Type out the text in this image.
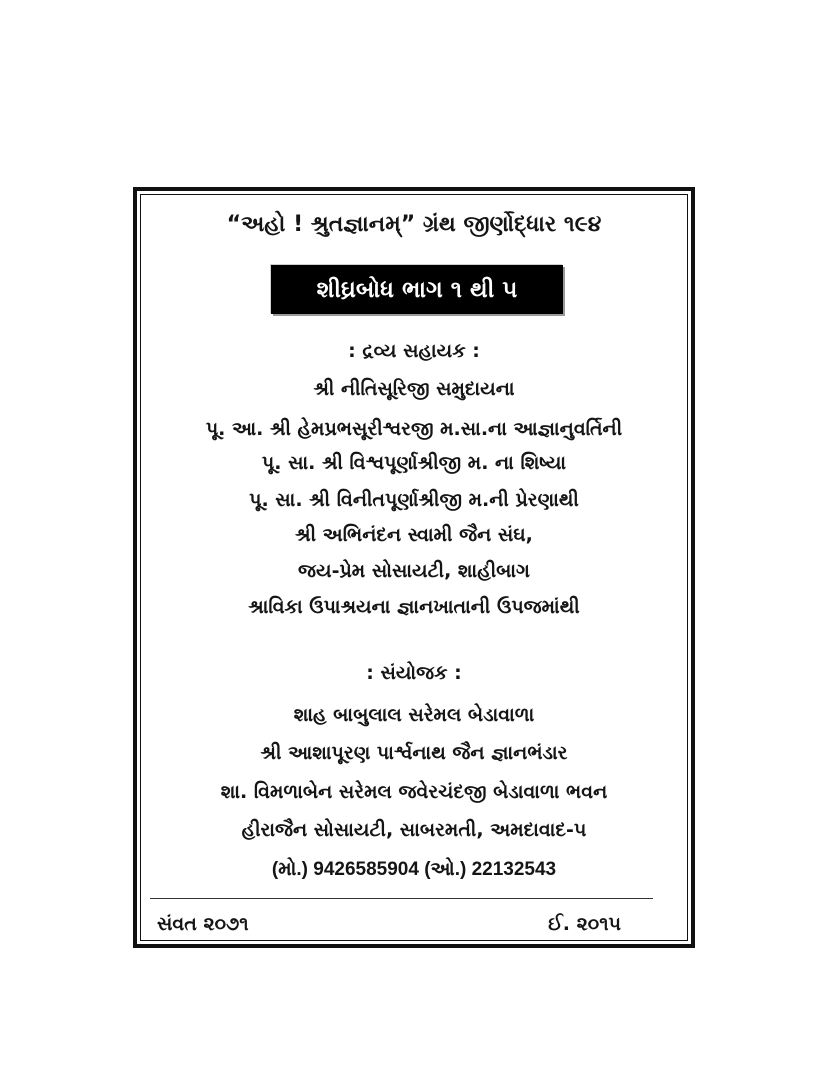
“અહો ! શ્રુતજ્ઞાનમ્” ગ્રંથ જીર્ણોદ્ધાર ૧૯૪
શીઘ્રબોધ ભાગ ૧ થી ૫
: દ્રવ્ય સહાયક :
શ્રી નીતિસૂરિજી સમુદાયના
પૂ. આ. શ્રી હેમપ્રભસૂરીશ્વરજી મ.સા.ના આજ્ઞાનુવર્તિની
પૂ. સા. શ્રી વિશ્વપૂર્ણાશ્રીજી મ. ના શિષ્યા
પૂ. સા. શ્રી વિનીતપૂર્ણાશ્રીજી મ.ની પ્રેરણાથી
શ્રી અભિનંદન સ્વામી જૈન સંઘ,
જય-પ્રેમ સોસાયટી, શાહીબાગ
શ્રાવિકા ઉપાશ્રયના જ્ઞાનખાતાની ઉપજમાંથી
: સંયોજક :
શાહ બાબુલાલ સરેમલ બેડાવાળા
શ્રી આશાપૂરણ પાર્શ્વનાથ જૈન જ્ઞાનભંડાર
શા. વિમળાબેન સરેમલ જવેરચંદજી બેડાવાળા ભવન
હીરાજૈન સોસાયટી, સાબરમતી, અમદાવાદ-૫
(મો.) 9426585904 (ઓ.) 22132543
સંવત ૨૦૭૧	ઈ. ૨૦૧૫
